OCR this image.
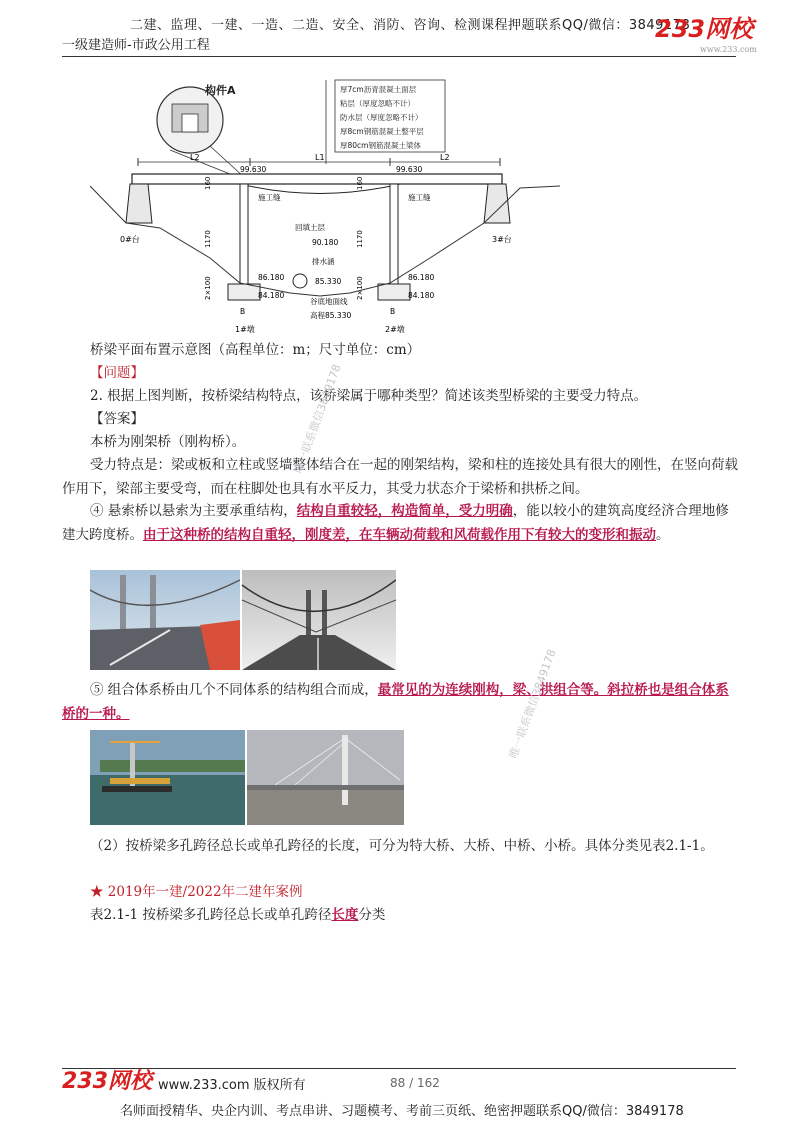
二建、监理、一建、一造、二造、安全、消防、咨询、检测课程押题联系QQ/微信：3849178
一级建造师-市政公用工程
233网校
www.233.com
构件A	厚7cm沥青混凝土面层
粘层（厚度忽略不计）
防水层（厚度忽略不计）
厚8cm钢筋混凝土整平层
厚80cm钢筋混凝土梁体
L2	L1	L2
99.630	99.630
0#台	3#台
B	B
1#墩	2#墩
160
1170
2×100
160
1170
2×100
施工缝	施工缝
回填土层
90.180
排水涵
86.180	85.330	86.180
84.180	84.180
谷底地面线
高程85.330
桥梁平面布置示意图（高程单位：m；尺寸单位：cm）
【问题】
2. 根据上图判断，按桥梁结构特点，该桥梁属于哪种类型？简述该类型桥梁的主要受力特点。
【答案】
本桥为刚架桥（刚构桥）。
受力特点是：梁或板和立柱或竖墙整体结合在一起的刚架结构，梁和柱的连接处具有很大的刚性，在竖向荷载作用下，梁部主要受弯，而在柱脚处也具有水平反力，其受力状态介于梁桥和拱桥之间。
④ 悬索桥以悬索为主要承重结构，结构自重较轻，构造简单，受力明确，能以较小的建筑高度经济合理地修建大跨度桥。由于这种桥的结构自重轻，刚度差，在车辆动荷载和风荷载作用下有较大的变形和振动。
⑤ 组合体系桥由几个不同体系的结构组合而成，最常见的为连续刚构，梁、拱组合等。斜拉桥也是组合体系桥的一种。
（2）按桥梁多孔跨径总长或单孔跨径的长度，可分为特大桥、大桥、中桥、小桥。具体分类见表2.1-1。
★ 2019年一建/2022年二建年案例
表2.1-1 按桥梁多孔跨径总长或单孔跨径长度分类
唯一联系微信3849178
唯一联系微信3849178
233网校 www.233.com 版权所有	88 / 162
名师面授精华、央企内训、考点串讲、习题模考、考前三页纸、绝密押题联系QQ/微信：3849178
